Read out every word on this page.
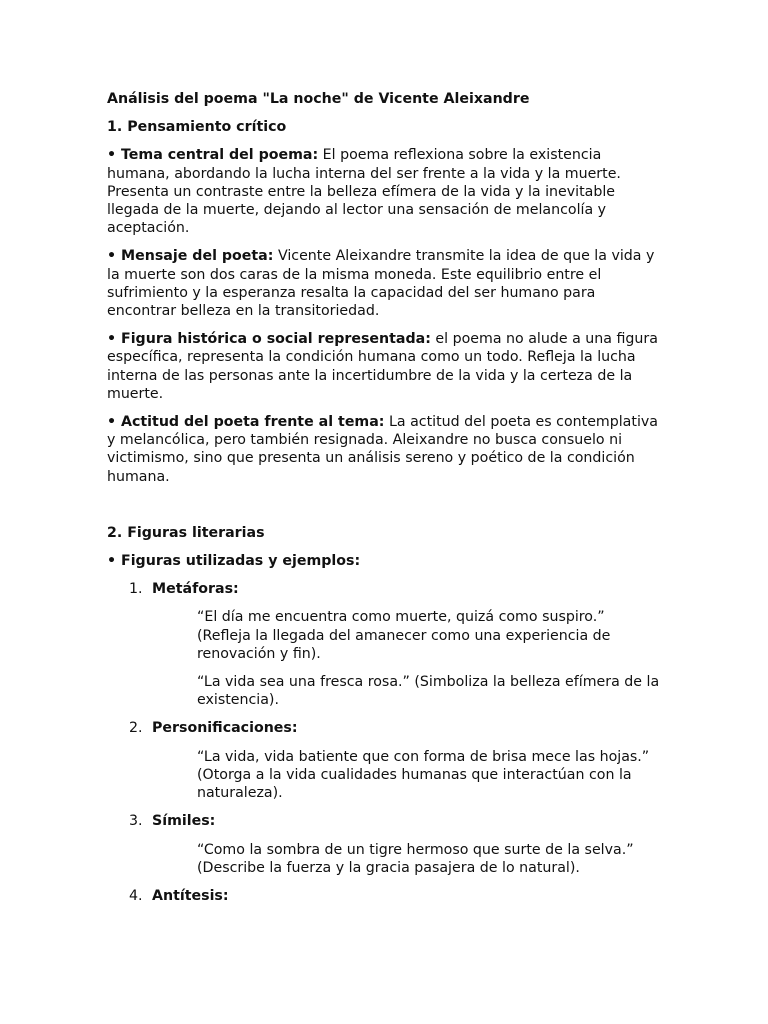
Análisis del poema "La noche" de Vicente Aleixandre
1. Pensamiento crítico
• Tema central del poema: El poema reflexiona sobre la existencia humana, abordando la lucha interna del ser frente a la vida y la muerte. Presenta un contraste entre la belleza efímera de la vida y la inevitable llegada de la muerte, dejando al lector una sensación de melancolía y aceptación.
• Mensaje del poeta: Vicente Aleixandre transmite la idea de que la vida y la muerte son dos caras de la misma moneda. Este equilibrio entre el sufrimiento y la esperanza resalta la capacidad del ser humano para encontrar belleza en la transitoriedad.
• Figura histórica o social representada: el poema no alude a una figura específica, representa la condición humana como un todo. Refleja la lucha interna de las personas ante la incertidumbre de la vida y la certeza de la muerte.
• Actitud del poeta frente al tema: La actitud del poeta es contemplativa y melancólica, pero también resignada. Aleixandre no busca consuelo ni victimismo, sino que presenta un análisis sereno y poético de la condición humana.
2. Figuras literarias
• Figuras utilizadas y ejemplos:
1. Metáforas:
“El día me encuentra como muerte, quizá como suspiro.” (Refleja la llegada del amanecer como una experiencia de renovación y fin).
“La vida sea una fresca rosa.” (Simboliza la belleza efímera de la existencia).
2. Personificaciones:
“La vida, vida batiente que con forma de brisa mece las hojas.” (Otorga a la vida cualidades humanas que interactúan con la naturaleza).
3. Símiles:
“Como la sombra de un tigre hermoso que surte de la selva.” (Describe la fuerza y la gracia pasajera de lo natural).
4. Antítesis:
